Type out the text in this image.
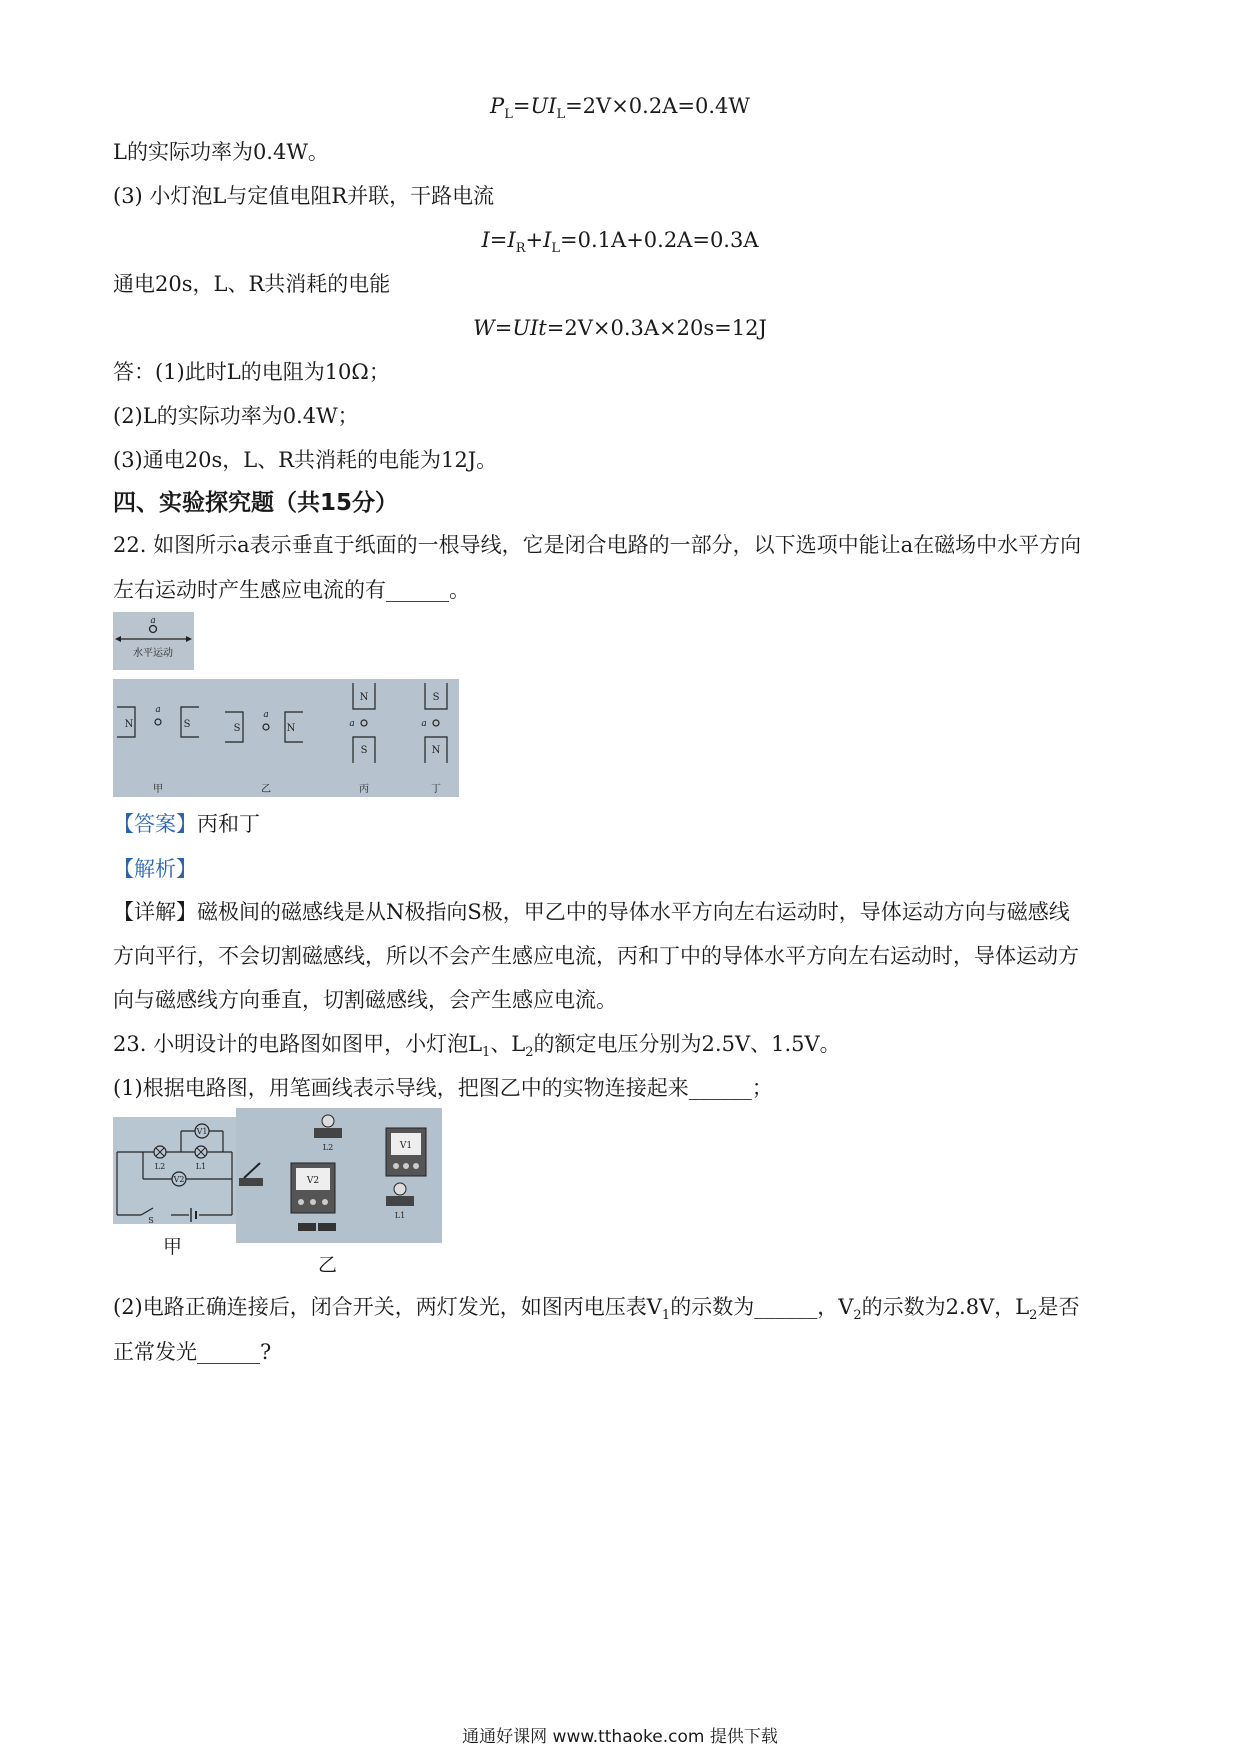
$P_L=UI_L=2V\times 0.2A=0.4W$
L的实际功率为0.4W。
(3) 小灯泡L与定值电阻R并联，干路电流
$I=I_R+I_L=0.1A+0.2A=0.3A$
通电20s，L、R共消耗的电能
W=UIt=2V×0.3A×20s=12J
答：(1)此时L的电阻为10Ω；
(2)L的实际功率为0.4W；
(3)通电20s，L、R共消耗的电能为12J。
四、实验探究题（共15分）
22. 如图所示a表示垂直于纸面的一根导线，它是闭合电路的一部分，以下选项中能让a在磁场中水平方向
左右运动时产生感应电流的有______。
a
水平运动
N
a
S
甲
S
a
N
乙
N
a
S
丙
S
a
N
丁
【答案】丙和丁
【解析】
【详解】磁极间的磁感线是从N极指向S极，甲乙中的导体水平方向左右运动时，导体运动方向与磁感线
方向平行，不会切割磁感线，所以不会产生感应电流，丙和丁中的导体水平方向左右运动时，导体运动方
向与磁感线方向垂直，切割磁感线，会产生感应电流。
23. 小明设计的电路图如图甲，小灯泡$L_1$、$L_2$的额定电压分别为2.5V、1.5V。
(1)根据电路图，用笔画线表示导线，把图乙中的实物连接起来______；
L2	L1
V1
V2
S
甲
L2	V1
V2
L1
乙
(2)电路正确连接后，闭合开关，两灯发光，如图丙电压表$V_1$的示数为______，$V_2$的示数为2.8V，$L_2$是否
正常发光______?
通通好课网 www.tthaoke.com 提供下载
